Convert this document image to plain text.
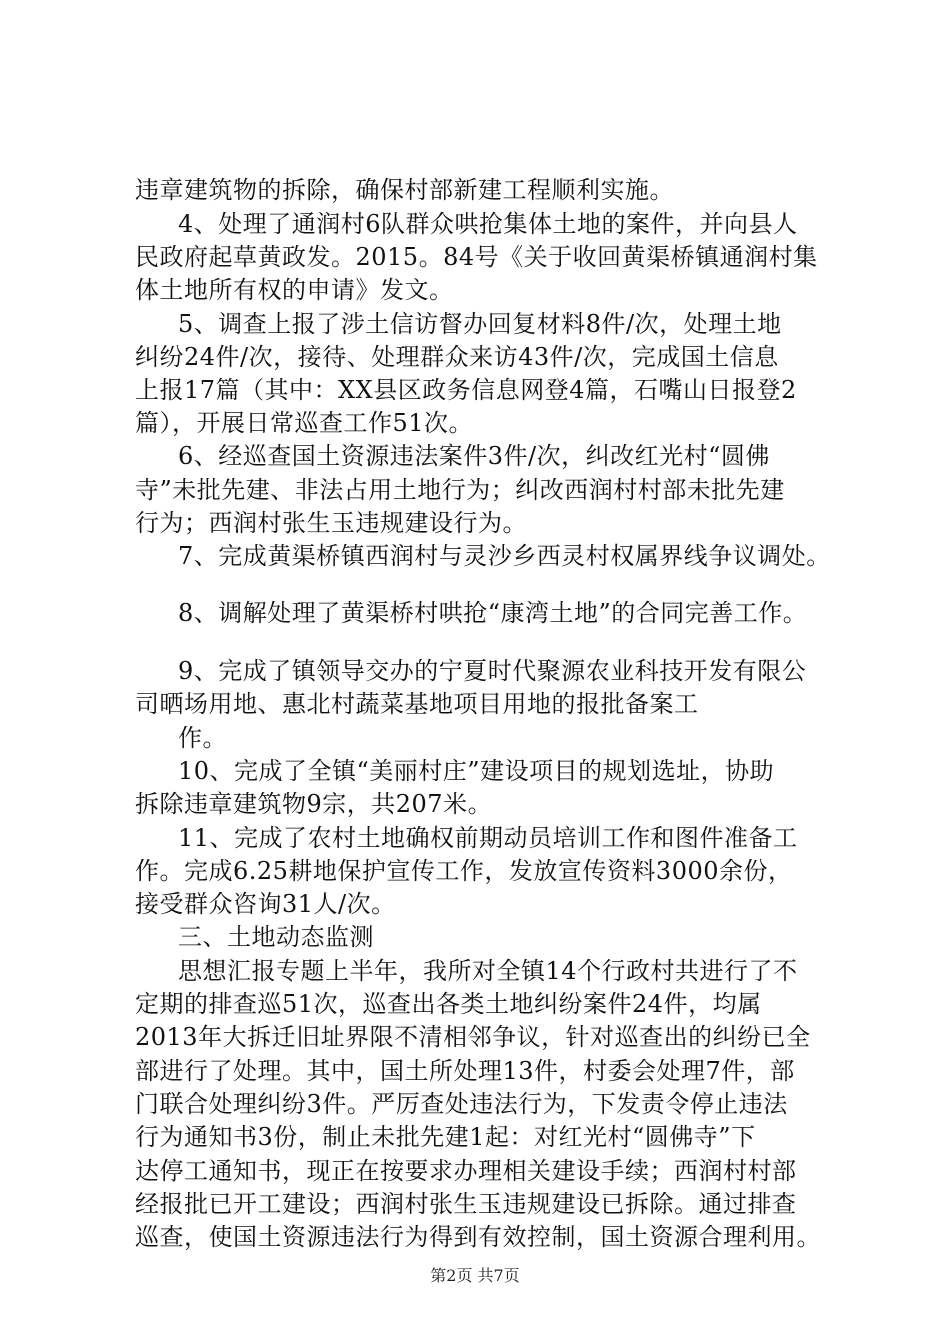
违章建筑物的拆除，确保村部新建工程顺利实施。
4、处理了通润村6队群众哄抢集体土地的案件，并向县人
民政府起草黄政发。2015。84号《关于收回黄渠桥镇通润村集
体土地所有权的申请》发文。
5、调查上报了涉土信访督办回复材料8件/次，处理土地
纠纷24件/次，接待、处理群众来访43件/次，完成国土信息
上报17篇（其中：XX县区政务信息网登4篇，石嘴山日报登2
篇），开展日常巡查工作51次。
6、经巡查国土资源违法案件3件/次，纠改红光村“圆佛
寺”未批先建、非法占用土地行为；纠改西润村村部未批先建
行为；西润村张生玉违规建设行为。
7、完成黄渠桥镇西润村与灵沙乡西灵村权属界线争议调处。
8、调解处理了黄渠桥村哄抢“康湾土地”的合同完善工作。
9、完成了镇领导交办的宁夏时代聚源农业科技开发有限公
司晒场用地、惠北村蔬菜基地项目用地的报批备案工
作。
10、完成了全镇“美丽村庄”建设项目的规划选址，协助
拆除违章建筑物9宗，共207米。
11、完成了农村土地确权前期动员培训工作和图件准备工
作。完成6.25耕地保护宣传工作，发放宣传资料3000余份，
接受群众咨询31人/次。
三、土地动态监测
思想汇报专题上半年，我所对全镇14个行政村共进行了不
定期的排查巡51次，巡查出各类土地纠纷案件24件，均属
2013年大拆迁旧址界限不清相邻争议，针对巡查出的纠纷已全
部进行了处理。其中，国土所处理13件，村委会处理7件，部
门联合处理纠纷3件。严厉查处违法行为，下发责令停止违法
行为通知书3份，制止未批先建1起：对红光村“圆佛寺”下
达停工通知书，现正在按要求办理相关建设手续；西润村村部
经报批已开工建设；西润村张生玉违规建设已拆除。通过排查
巡查，使国土资源违法行为得到有效控制，国土资源合理利用。
第2页 共7页
